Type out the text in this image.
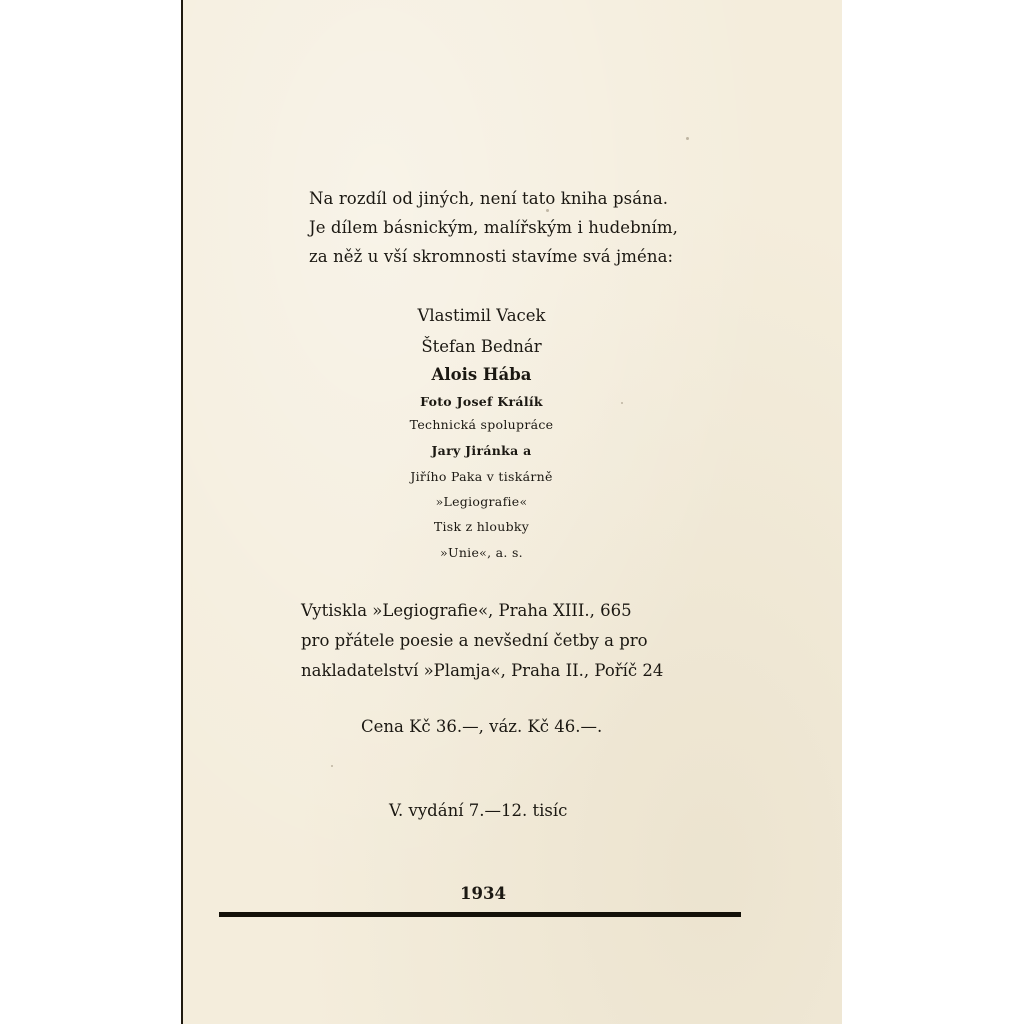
Na rozdíl od jiných, není tato kniha psána.
Je dílem básnickým, malířským i hudebním,
za něž u vší skromnosti stavíme svá jména:
Vlastimil Vacek
Štefan Bednár
Alois Hába
Foto Josef Králík
Technická spolupráce
Jary Jiránka a
Jiřího Paka v tiskárně
»Legiografie«
Tisk z hloubky
»Unie«, a. s.
Vytiskla »Legiografie«, Praha XIII., 665
pro přátele poesie a nevšední četby a pro
nakladatelství »Plamja«, Praha II., Poříč 24
Cena Kč 36.—, váz. Kč 46.—.
V. vydání 7.—12. tisíc
1934
